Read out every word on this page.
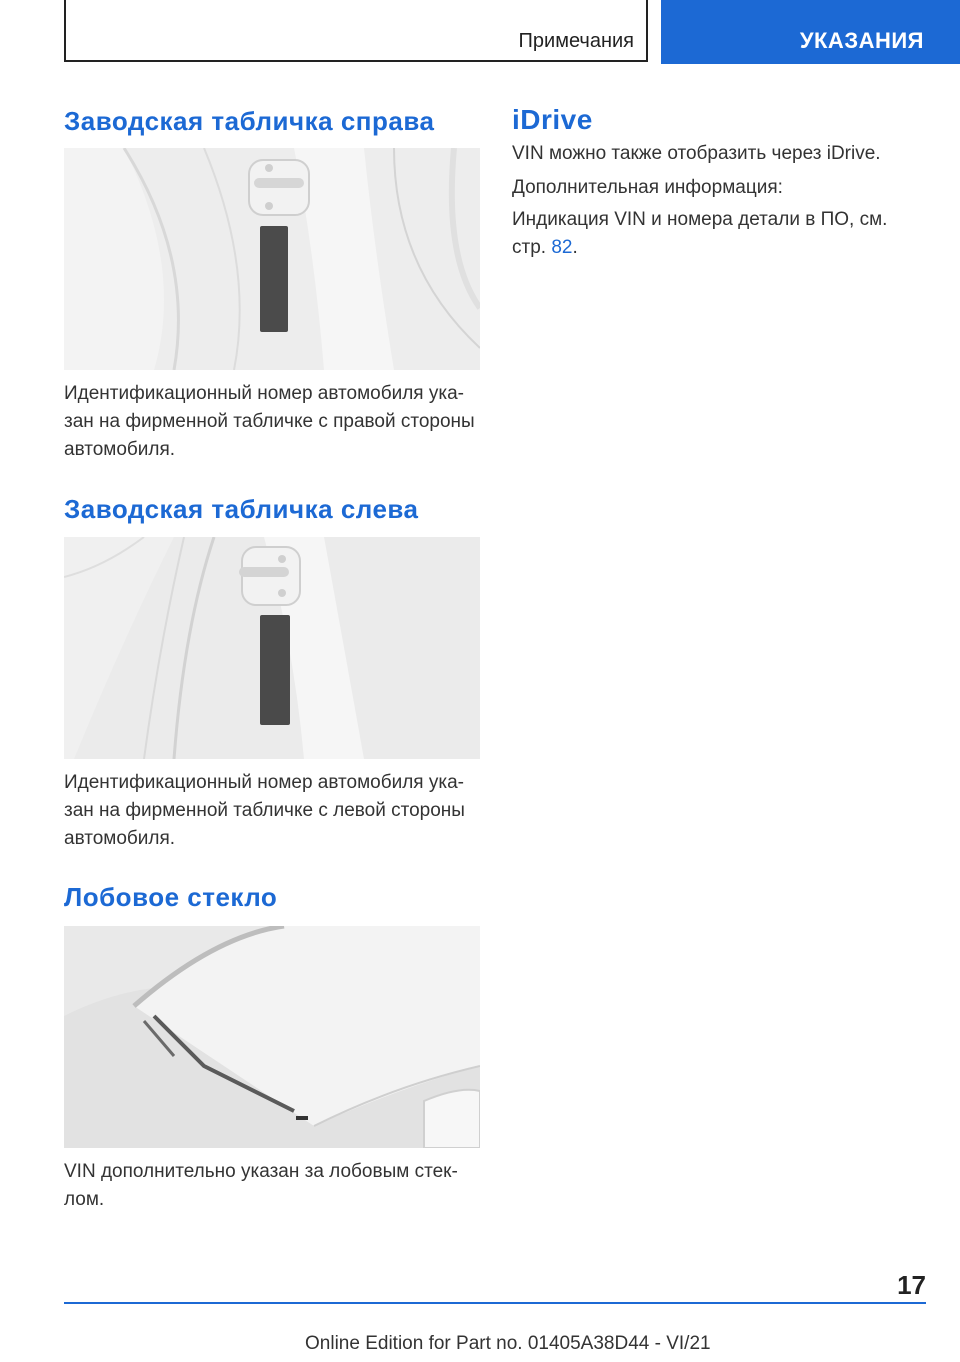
Примечания	УКАЗАНИЯ
Заводская табличка справа

Идентификационный номер автомобиля ука-зан на фирменной табличке с правой стороны автомобиля.

Заводская табличка слева

Идентификационный номер автомобиля ука-зан на фирменной табличке с левой стороны автомобиля.

Лобовое стекло

VIN дополнительно указан за лобовым стек-лом.

iDrive

VIN можно также отобразить через iDrive.

Дополнительная информация:

Индикация VIN и номера детали в ПО, см. стр. 82.

17
Online Edition for Part no. 01405A38D44 - VI/21
